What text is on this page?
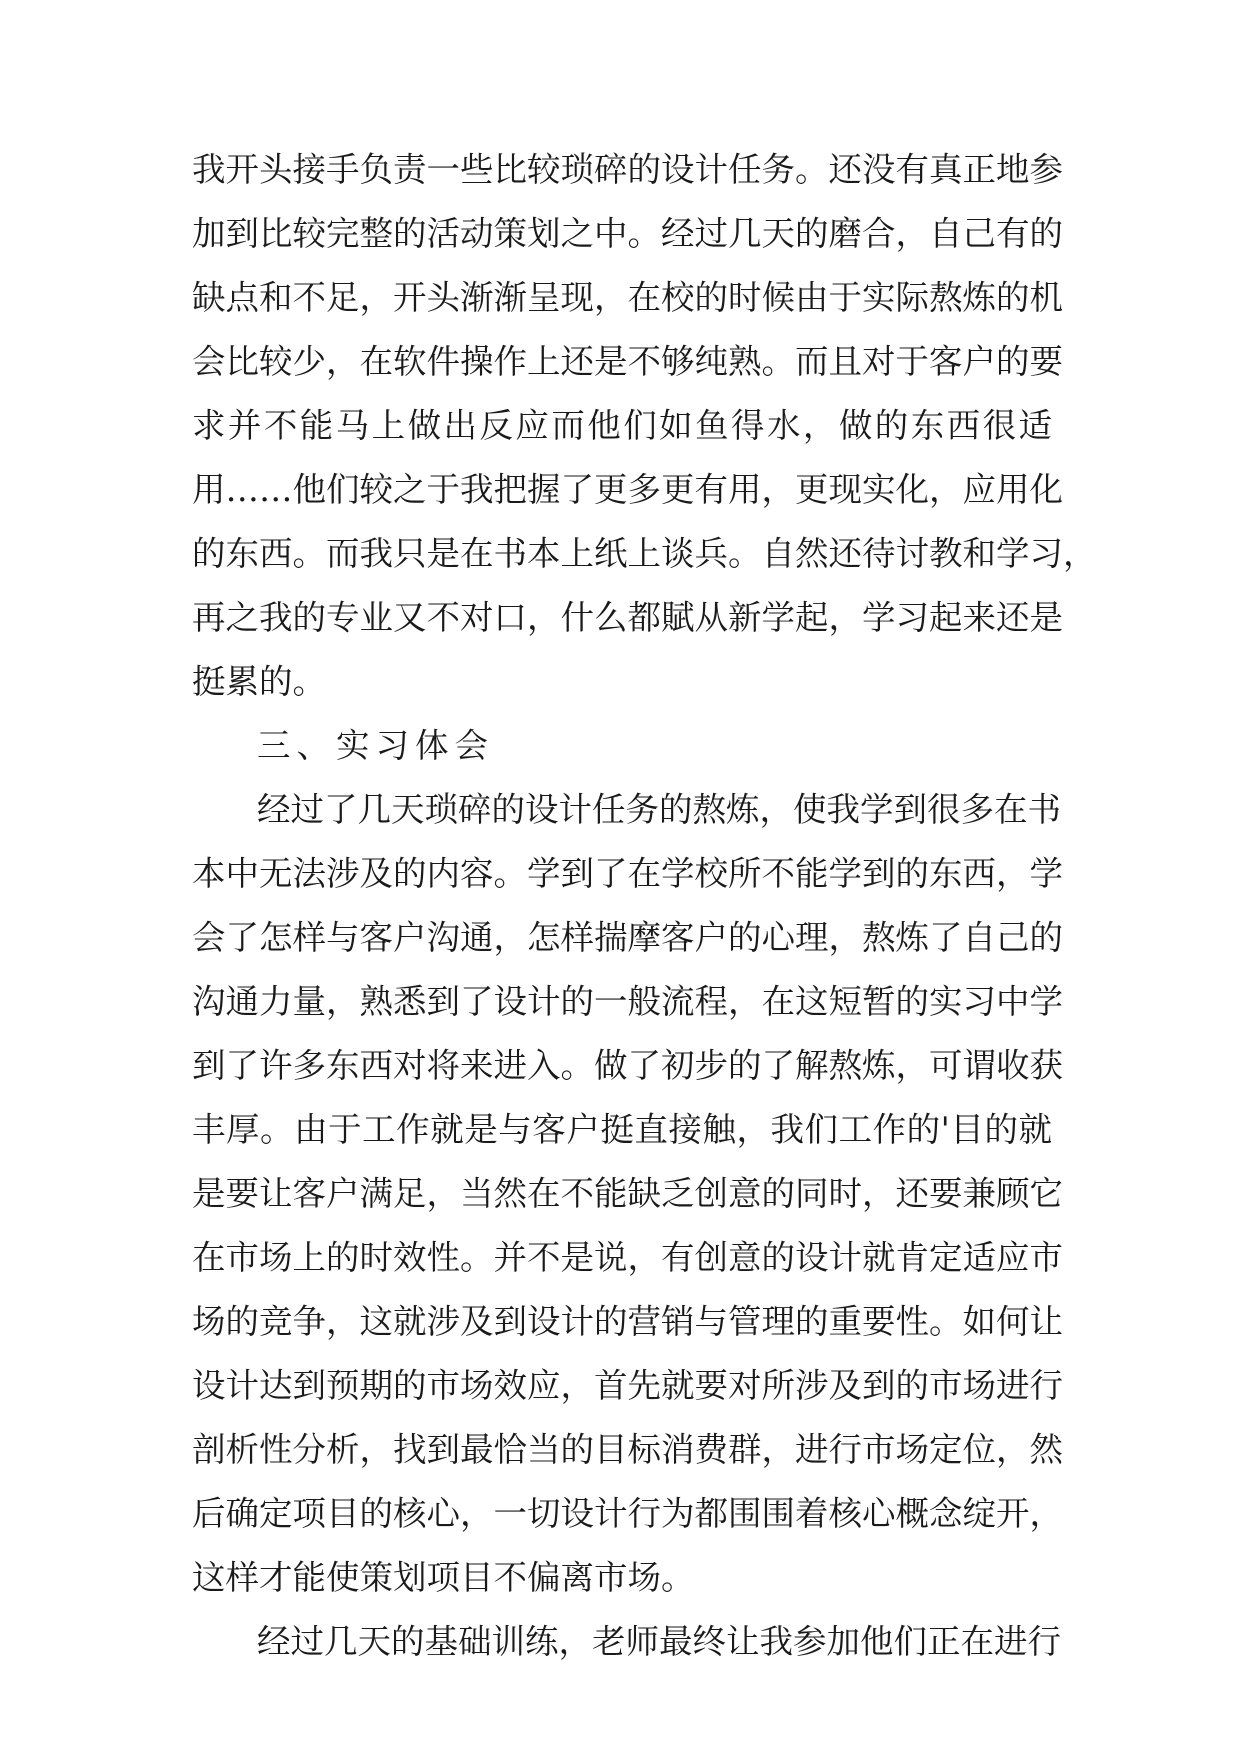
我开头接手负责一些比较琐碎的设计任务。还没有真正地参
加到比较完整的活动策划之中。经过几天的磨合，自己有的
缺点和不足，开头渐渐呈现，在校的时候由于实际熬炼的机
会比较少，在软件操作上还是不够纯熟。而且对于客户的要
求并不能马上做出反应而他们如鱼得水，做的东西很适
用……他们较之于我把握了更多更有用，更现实化，应用化
的东西。而我只是在书本上纸上谈兵。自然还待讨教和学习，
再之我的专业又不对口，什么都賦从新学起，学习起来还是
挺累的。
三、实习体会
经过了几天琐碎的设计任务的熬炼，使我学到很多在书
本中无法涉及的内容。学到了在学校所不能学到的东西，学
会了怎样与客户沟通，怎样揣摩客户的心理，熬炼了自己的
沟通力量，熟悉到了设计的一般流程，在这短暂的实习中学
到了许多东西对将来进入。做了初步的了解熬炼，可谓收获
丰厚。由于工作就是与客户挺直接触，我们工作的'目的就
是要让客户满足，当然在不能缺乏创意的同时，还要兼顾它
在市场上的时效性。并不是说，有创意的设计就肯定适应市
场的竞争，这就涉及到设计的营销与管理的重要性。如何让
设计达到预期的市场效应，首先就要对所涉及到的市场进行
剖析性分析，找到最恰当的目标消费群，进行市场定位，然
后确定项目的核心，一切设计行为都围围着核心概念绽开，
这样才能使策划项目不偏离市场。
经过几天的基础训练，老师最终让我参加他们正在进行
